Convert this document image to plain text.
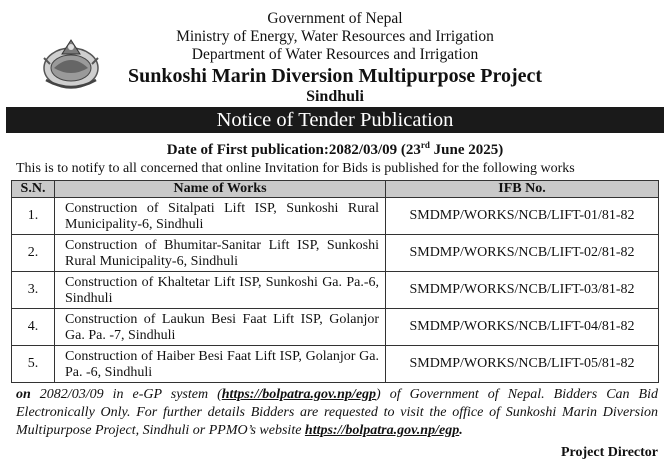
Government of Nepal
Ministry of Energy, Water Resources and Irrigation
Department of Water Resources and Irrigation
Sunkoshi Marin Diversion Multipurpose Project
Sindhuli
Notice of Tender Publication
Date of First publication:2082/03/09 (23rd June 2025)
This is to notify to all concerned that online Invitation for Bids is published for the following works
S.N.	Name of Works	IFB No.
1.	Construction of Sitalpati Lift ISP, Sunkoshi Rural Municipality-6, Sindhuli	SMDMP/WORKS/NCB/LIFT-01/81-82
2.	Construction of Bhumitar-Sanitar Lift ISP, Sunkoshi Rural Municipality-6, Sindhuli	SMDMP/WORKS/NCB/LIFT-02/81-82
3.	Construction of Khaltetar Lift ISP, Sunkoshi Ga. Pa.-6, Sindhuli	SMDMP/WORKS/NCB/LIFT-03/81-82
4.	Construction of Laukun Besi Faat Lift ISP, Golanjor Ga. Pa. -7, Sindhuli	SMDMP/WORKS/NCB/LIFT-04/81-82
5.	Construction of Haiber Besi Faat Lift ISP, Golanjor Ga. Pa. -6, Sindhuli	SMDMP/WORKS/NCB/LIFT-05/81-82
on 2082/03/09 in e-GP system (https://bolpatra.gov.np/egp) of Government of Nepal. Bidders Can Bid Electronically Only. For further details Bidders are requested to visit the office of Sunkoshi Marin Diversion Multipurpose Project, Sindhuli or PPMO’s website https://bolpatra.gov.np/egp.
Project Director
